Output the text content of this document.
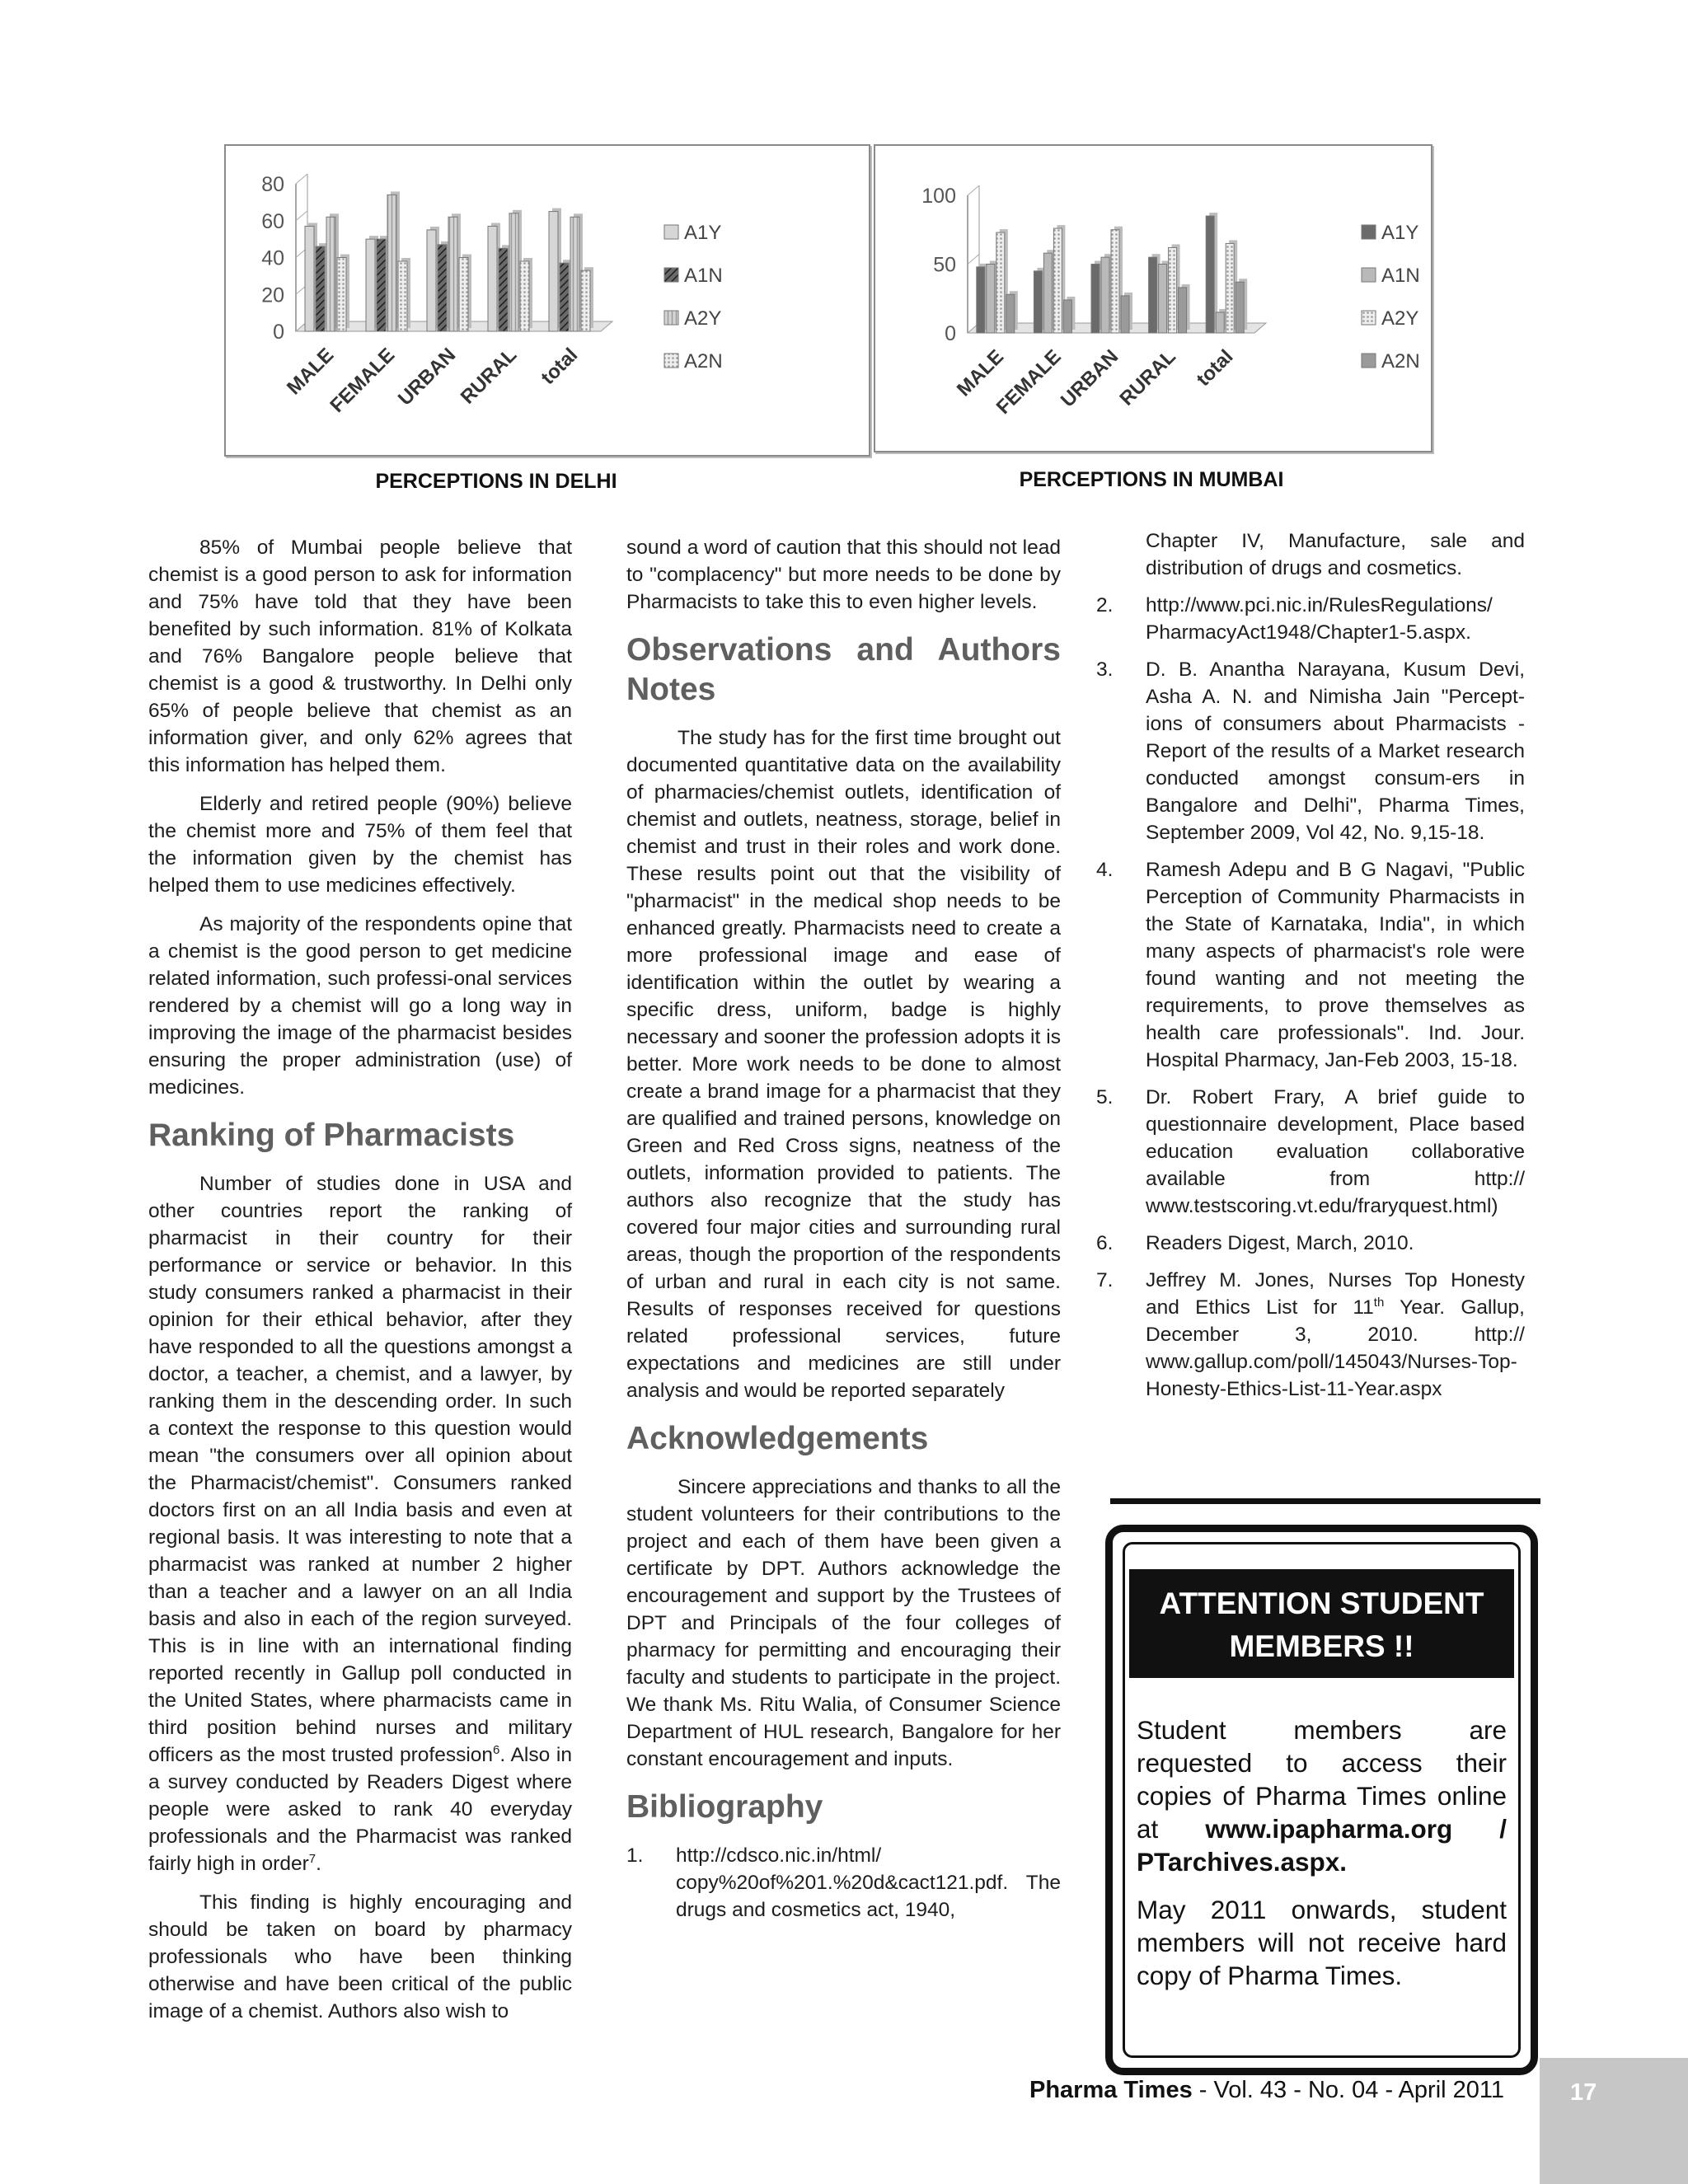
0
20
40
60
80
MALE
FEMALE
URBAN
RURAL total
A1Y
A1N
A2Y
A2N
0
50
100
MALE
FEMALE
URBAN
RURAL total
A1Y
A1N
A2Y
A2N
PERCEPTIONS IN DELHI	PERCEPTIONS IN MUMBAI

85% of Mumbai people believe that chemist is a good person to ask for information and 75% have told that they have been benefited by such information. 81% of Kolkata and 76% Bangalore people believe that chemist is a good & trustworthy. In Delhi only 65% of people believe that chemist as an information giver, and only 62% agrees that this information has helped them.

Elderly and retired people (90%) believe the chemist more and 75% of them feel that the information given by the chemist has helped them to use medicines effectively.

As majority of the respondents opine that a chemist is the good person to get medicine related information, such professi-onal services rendered by a chemist will go a long way in improving the image of the pharmacist besides ensuring the proper administration (use) of medicines.

Ranking of Pharmacists

Number of studies done in USA and other countries report the ranking of pharmacist in their country for their performance or service or behavior. In this study consumers ranked a pharmacist in their opinion for their ethical behavior, after they have responded to all the questions amongst a doctor, a teacher, a chemist, and a lawyer, by ranking them in the descending order. In such a context the response to this question would mean "the consumers over all opinion about the Pharmacist/chemist". Consumers ranked doctors first on an all India basis and even at regional basis. It was interesting to note that a pharmacist was ranked at number 2 higher than a teacher and a lawyer on an all India basis and also in each of the region surveyed. This is in line with an international finding reported recently in Gallup poll conducted in the United States, where pharmacists came in third position behind nurses and military officers as the most trusted profession$^6$. Also in a survey conducted by Readers Digest where people were asked to rank 40 everyday professionals and the Pharmacist was ranked fairly high in order$^7$.

This finding is highly encouraging and should be taken on board by pharmacy professionals who have been thinking otherwise and have been critical of the public image of a chemist. Authors also wish to

sound a word of caution that this should not lead to "complacency" but more needs to be done by Pharmacists to take this to even higher levels.

Observations and Authors Notes

The study has for the first time brought out documented quantitative data on the availability of pharmacies/chemist outlets, identification of chemist and outlets, neatness, storage, belief in chemist and trust in their roles and work done. These results point out that the visibility of "pharmacist" in the medical shop needs to be enhanced greatly. Pharmacists need to create a more professional image and ease of identification within the outlet by wearing a specific dress, uniform, badge is highly necessary and sooner the profession adopts it is better. More work needs to be done to almost create a brand image for a pharmacist that they are qualified and trained persons, knowledge on Green and Red Cross signs, neatness of the outlets, information provided to patients. The authors also recognize that the study has covered four major cities and surrounding rural areas, though the proportion of the respondents of urban and rural in each city is not same. Results of responses received for questions related professional services, future expectations and medicines are still under analysis and would be reported separately

Acknowledgements

Sincere appreciations and thanks to all the student volunteers for their contributions to the project and each of them have been given a certificate by DPT. Authors acknowledge the encouragement and support by the Trustees of DPT and Principals of the four colleges of pharmacy for permitting and encouraging their faculty and students to participate in the project. We thank Ms. Ritu Walia, of Consumer Science Department of HUL research, Bangalore for her constant encouragement and inputs.

Bibliography
1. http://cdsco.nic.in/html/ copy%20of%201.%20d&cact121.pdf. The drugs and cosmetics act, 1940,
Chapter IV, Manufacture, sale and distribution of drugs and cosmetics.
2. http://www.pci.nic.in/RulesRegulations/ PharmacyAct1948/Chapter1-5.aspx.
3. D. B. Anantha Narayana, Kusum Devi, Asha A. N. and Nimisha Jain "Percept-ions of consumers about Pharmacists - Report of the results of a Market research conducted amongst consum-ers in Bangalore and Delhi", Pharma Times, September 2009, Vol 42, No. 9,15-18.
4. Ramesh Adepu and B G Nagavi, "Public Perception of Community Pharmacists in the State of Karnataka, India", in which many aspects of pharmacist's role were found wanting and not meeting the requirements, to prove themselves as health care professionals". Ind. Jour. Hospital Pharmacy, Jan-Feb 2003, 15-18.
5. Dr. Robert Frary, A brief guide to questionnaire development, Place based education evaluation collaborative available from http:// www.testscoring.vt.edu/fraryquest.html)
6. Readers Digest, March, 2010.
7. Jeffrey M. Jones, Nurses Top Honesty and Ethics List for 11th Year. Gallup, December 3, 2010. http:// www.gallup.com/poll/145043/Nurses-Top-Honesty-Ethics-List-11-Year.aspx
ATTENTION STUDENT MEMBERS !!

Student members are requested to access their copies of Pharma Times online at www.ipapharma.org / PTarchives.aspx.

May 2011 onwards, student members will not receive hard copy of Pharma Times.

Pharma Times - Vol. 43 - No. 04 - April 2011	17
